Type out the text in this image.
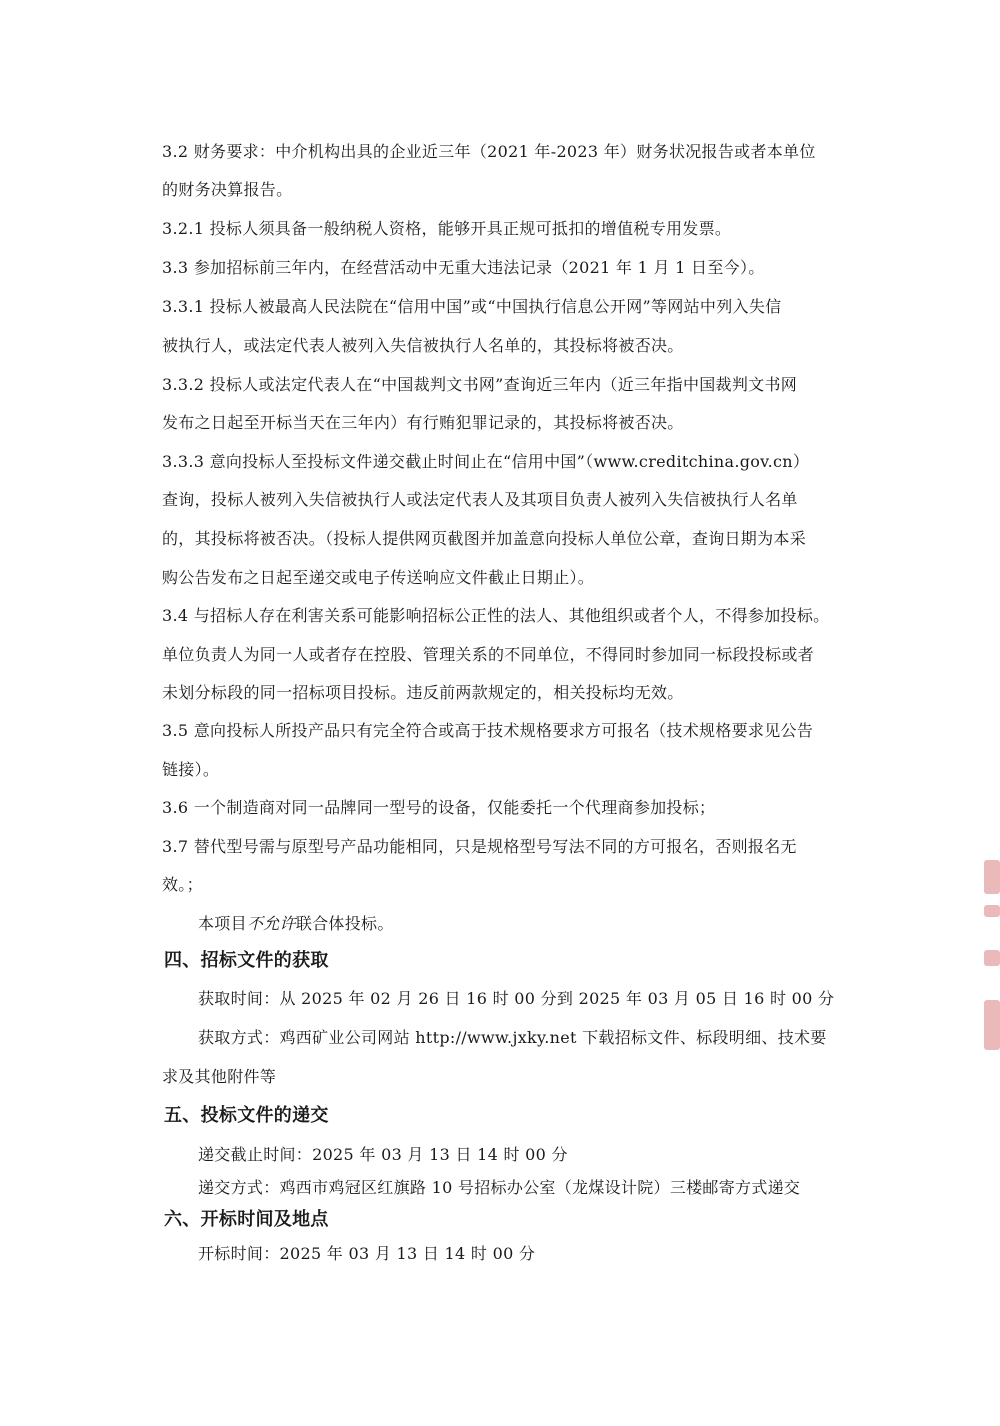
3.2 财务要求：中介机构出具的企业近三年（2021 年-2023 年）财务状况报告或者本单位
的财务决算报告。
3.2.1 投标人须具备一般纳税人资格，能够开具正规可抵扣的增值税专用发票。
3.3 参加招标前三年内，在经营活动中无重大违法记录（2021 年 1 月 1 日至今）。
3.3.1 投标人被最高人民法院在“信用中国”或“中国执行信息公开网”等网站中列入失信
被执行人，或法定代表人被列入失信被执行人名单的，其投标将被否决。
3.3.2 投标人或法定代表人在“中国裁判文书网”查询近三年内（近三年指中国裁判文书网
发布之日起至开标当天在三年内）有行贿犯罪记录的，其投标将被否决。
3.3.3 意向投标人至投标文件递交截止时间止在“信用中国”（www.creditchina.gov.cn）
查询，投标人被列入失信被执行人或法定代表人及其项目负责人被列入失信被执行人名单
的，其投标将被否决。（投标人提供网页截图并加盖意向投标人单位公章，查询日期为本采
购公告发布之日起至递交或电子传送响应文件截止日期止）。
3.4 与招标人存在利害关系可能影响招标公正性的法人、其他组织或者个人，不得参加投标。
单位负责人为同一人或者存在控股、管理关系的不同单位，不得同时参加同一标段投标或者
未划分标段的同一招标项目投标。违反前两款规定的，相关投标均无效。
3.5 意向投标人所投产品只有完全符合或高于技术规格要求方可报名（技术规格要求见公告
链接）。
3.6 一个制造商对同一品牌同一型号的设备，仅能委托一个代理商参加投标；
3.7 替代型号需与原型号产品功能相同，只是规格型号写法不同的方可报名，否则报名无
效。；
本项目不允许联合体投标。
四、招标文件的获取
获取时间：从 2025 年 02 月 26 日 16 时 00 分到 2025 年 03 月 05 日 16 时 00 分
获取方式：鸡西矿业公司网站 http://www.jxky.net 下载招标文件、标段明细、技术要
求及其他附件等
五、投标文件的递交
递交截止时间：2025 年 03 月 13 日 14 时 00 分
递交方式：鸡西市鸡冠区红旗路 10 号招标办公室（龙煤设计院）三楼邮寄方式递交
六、开标时间及地点
开标时间：2025 年 03 月 13 日 14 时 00 分
